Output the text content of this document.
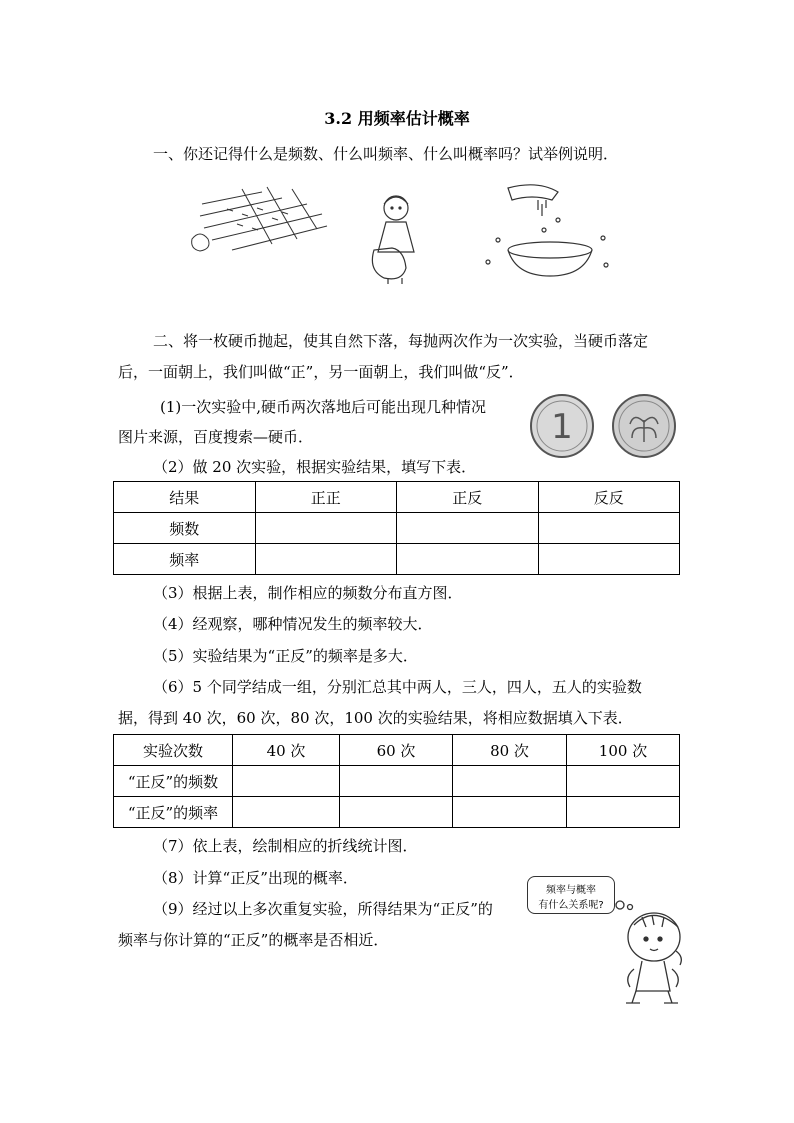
3.2 用频率估计概率
一、你还记得什么是频数、什么叫频率、什么叫概率吗？试举例说明．
二、将一枚硬币抛起，使其自然下落，每抛两次作为一次实验，当硬币落定
后，一面朝上，我们叫做“正”，另一面朝上，我们叫做“反”．
(1)一次实验中,硬币两次落地后可能出现几种情况
图片来源，百度搜索—硬币．	1
（2）做 20 次实验，根据实验结果，填写下表．
结果	正正	正反	反反
频数			
频率			
（3）根据上表，制作相应的频数分布直方图．
（4）经观察，哪种情况发生的频率较大．
（5）实验结果为“正反”的频率是多大．
（6）5 个同学结成一组，分别汇总其中两人，三人，四人，五人的实验数
据，得到 40 次，60 次，80 次，100 次的实验结果，将相应数据填入下表．
实验次数	40 次	60 次	80 次	100 次
“正反”的频数				
“正反”的频率				
（7）依上表，绘制相应的折线统计图．
（8）计算“正反”出现的概率．
（9）经过以上多次重复实验，所得结果为“正反”的
频率与你计算的“正反”的概率是否相近．
频率与概率
有什么关系呢?
